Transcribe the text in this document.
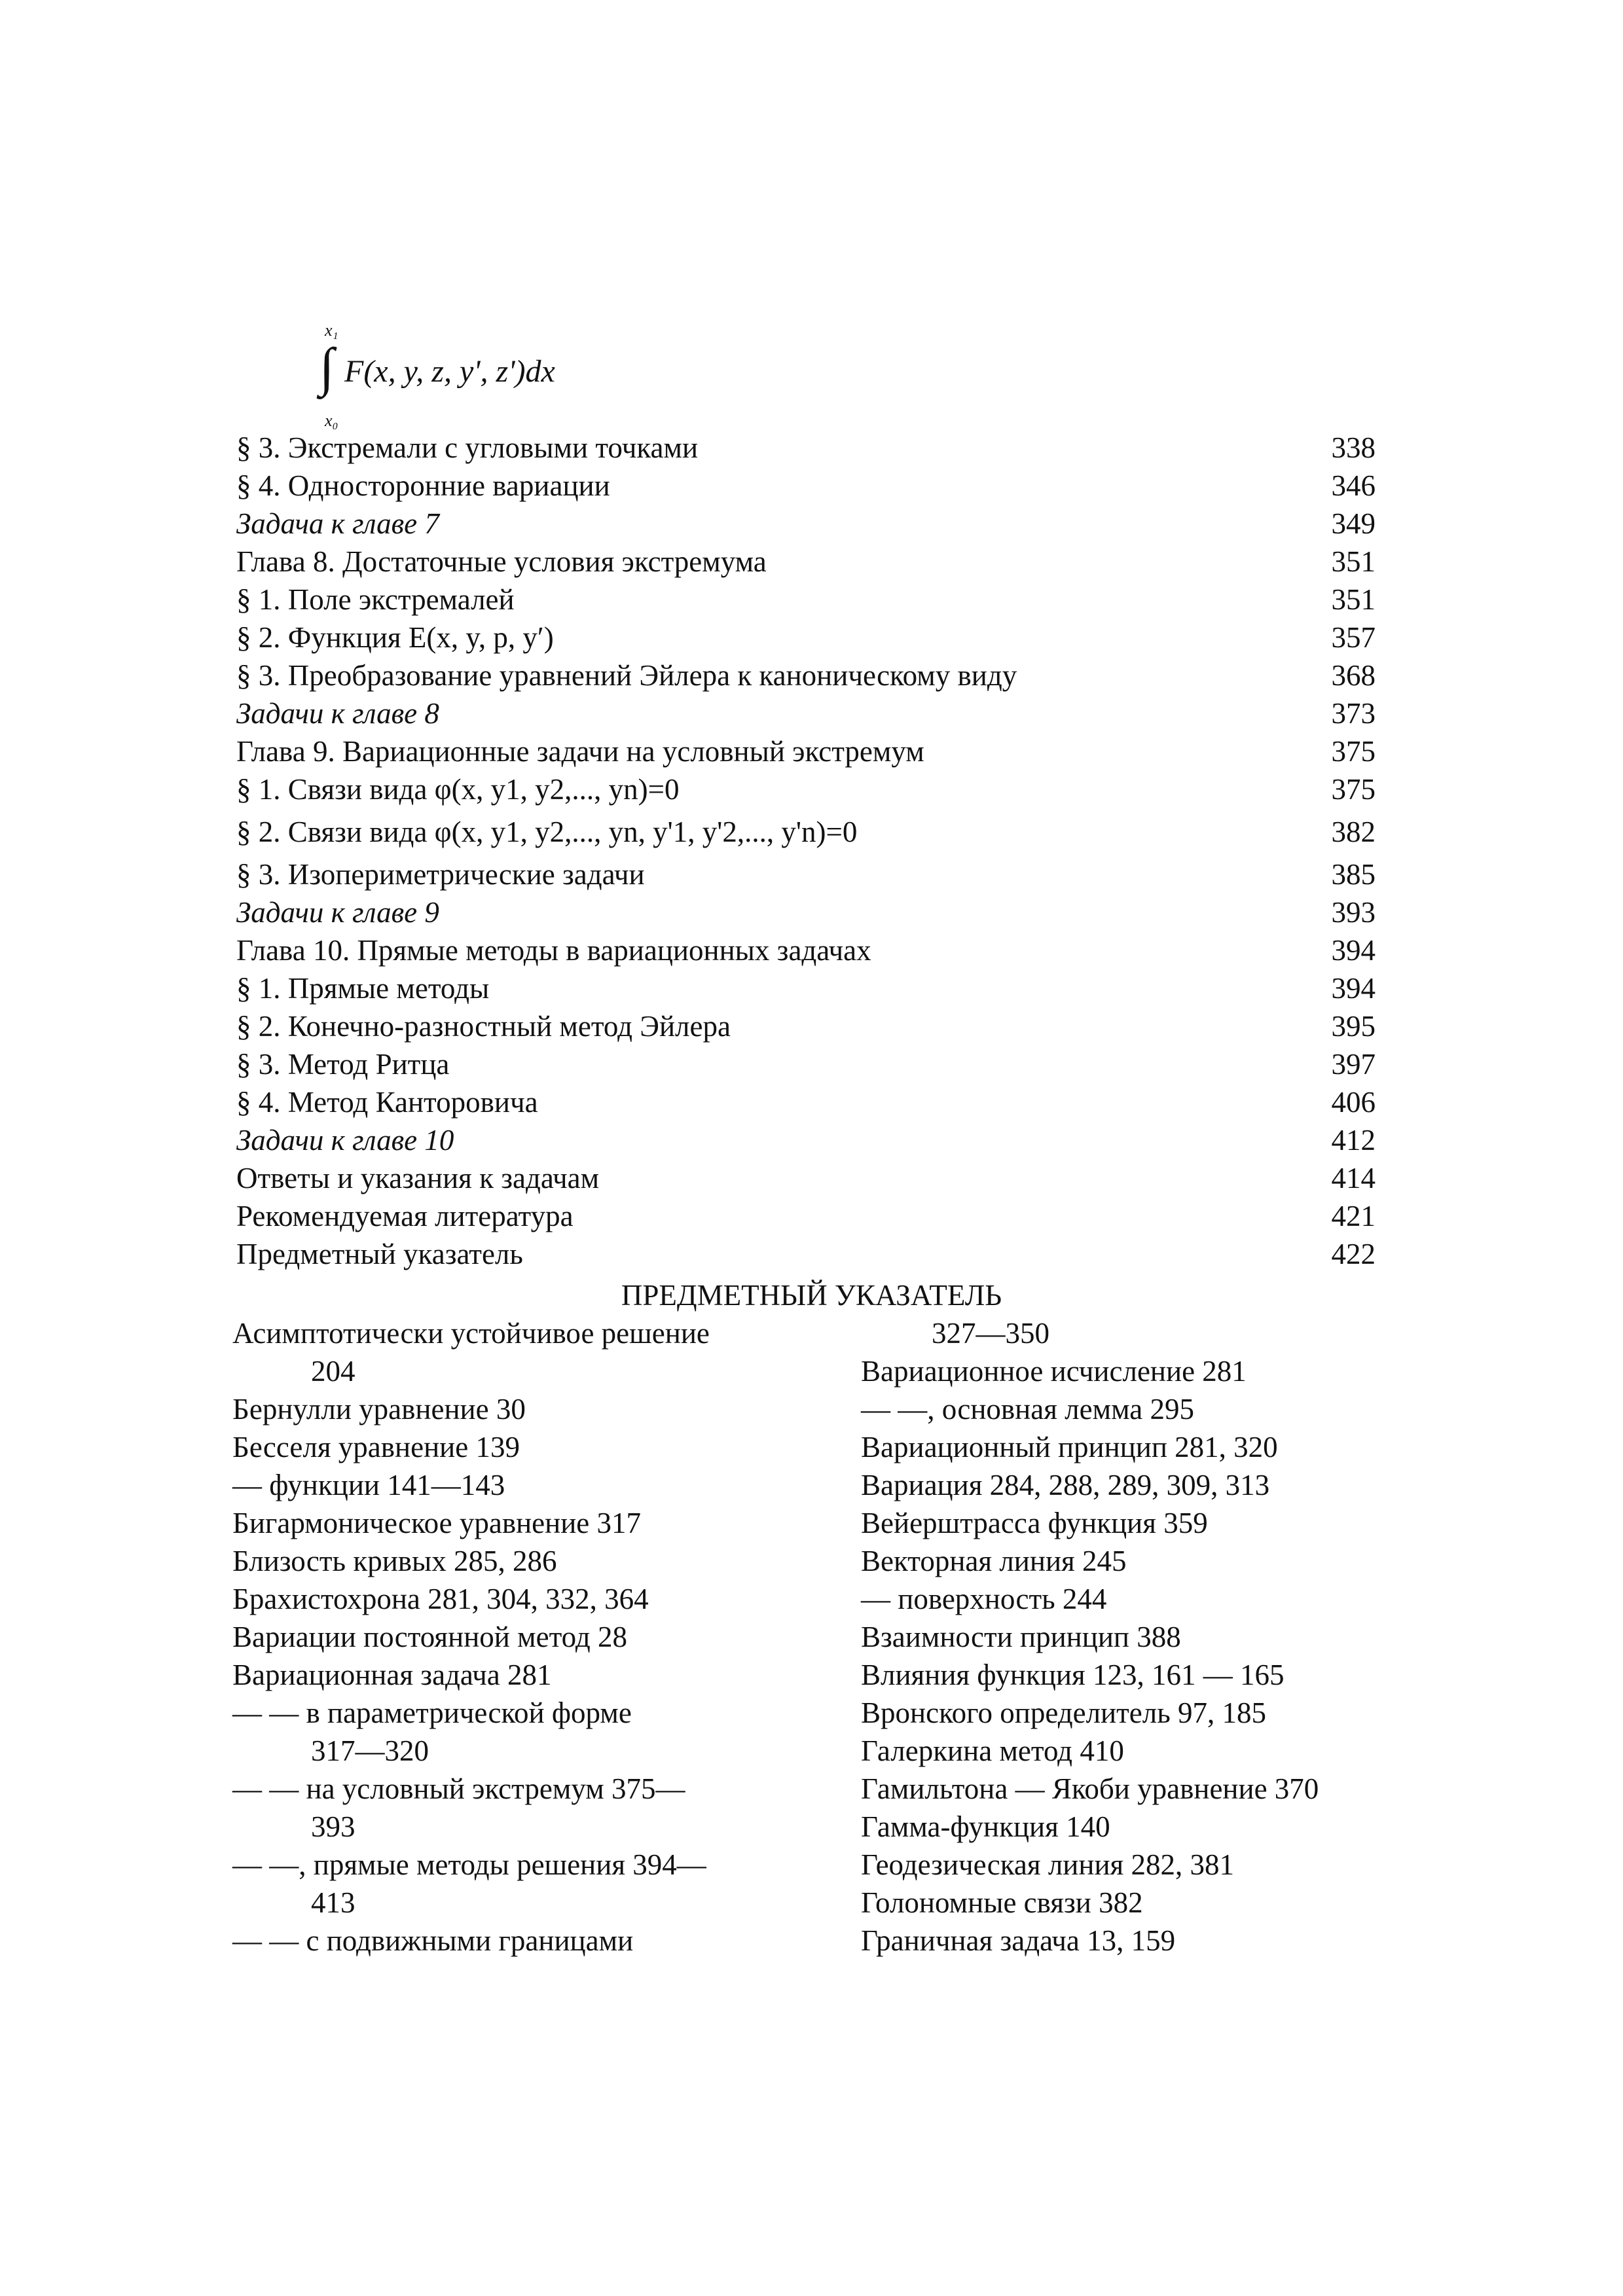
x₁
∫ F(x, y, z, y', z')dx
x₀
§ 3. Экстремали с угловыми точками	338
§ 4. Односторонние вариации	346
Задача к главе 7	349
Глава 8. Достаточные условия экстремума	351
§ 1. Поле экстремалей	351
§ 2. Функция E(x, y, p, y′)	357
§ 3. Преобразование уравнений Эйлера к каноническому виду	368
Задачи к главе 8	373
Глава 9. Вариационные задачи на условный экстремум	375
§ 1. Связи вида φ(x, y1, y2,..., yn)=0	375
§ 2. Связи вида φ(x, y1, y2,..., yn, y'1, y'2,..., y'n)=0	382
§ 3. Изопериметрические задачи	385
Задачи к главе 9	393
Глава 10. Прямые методы в вариационных задачах	394
§ 1. Прямые методы	394
§ 2. Конечно-разностный метод Эйлера	395
§ 3. Метод Ритца	397
§ 4. Метод Канторовича	406
Задачи к главе 10	412
Ответы и указания к задачам	414
Рекомендуемая литература	421
Предметный указатель	422
ПРЕДМЕТНЫЙ УКАЗАТЕЛЬ
Асимптотически устойчивое решение
204
Бернулли уравнение 30
Бесселя уравнение 139
— функции 141—143
Бигармоническое уравнение 317
Близость кривых 285, 286
Брахистохрона 281, 304, 332, 364
Вариации постоянной метод 28
Вариационная задача 281
— — в параметрической форме
317—320
— — на условный экстремум 375—
393
— —, прямые методы решения 394—
413
— — с подвижными границами
327—350
Вариационное исчисление 281
— —, основная лемма 295
Вариационный принцип 281, 320
Вариация 284, 288, 289, 309, 313
Вейерштрасса функция 359
Векторная линия 245
— поверхность 244
Взаимности принцип 388
Влияния функция 123, 161 — 165
Вронского определитель 97, 185
Галеркина метод 410
Гамильтона — Якоби уравнение 370
Гамма-функция 140
Геодезическая линия 282, 381
Голономные связи 382
Граничная задача 13, 159
